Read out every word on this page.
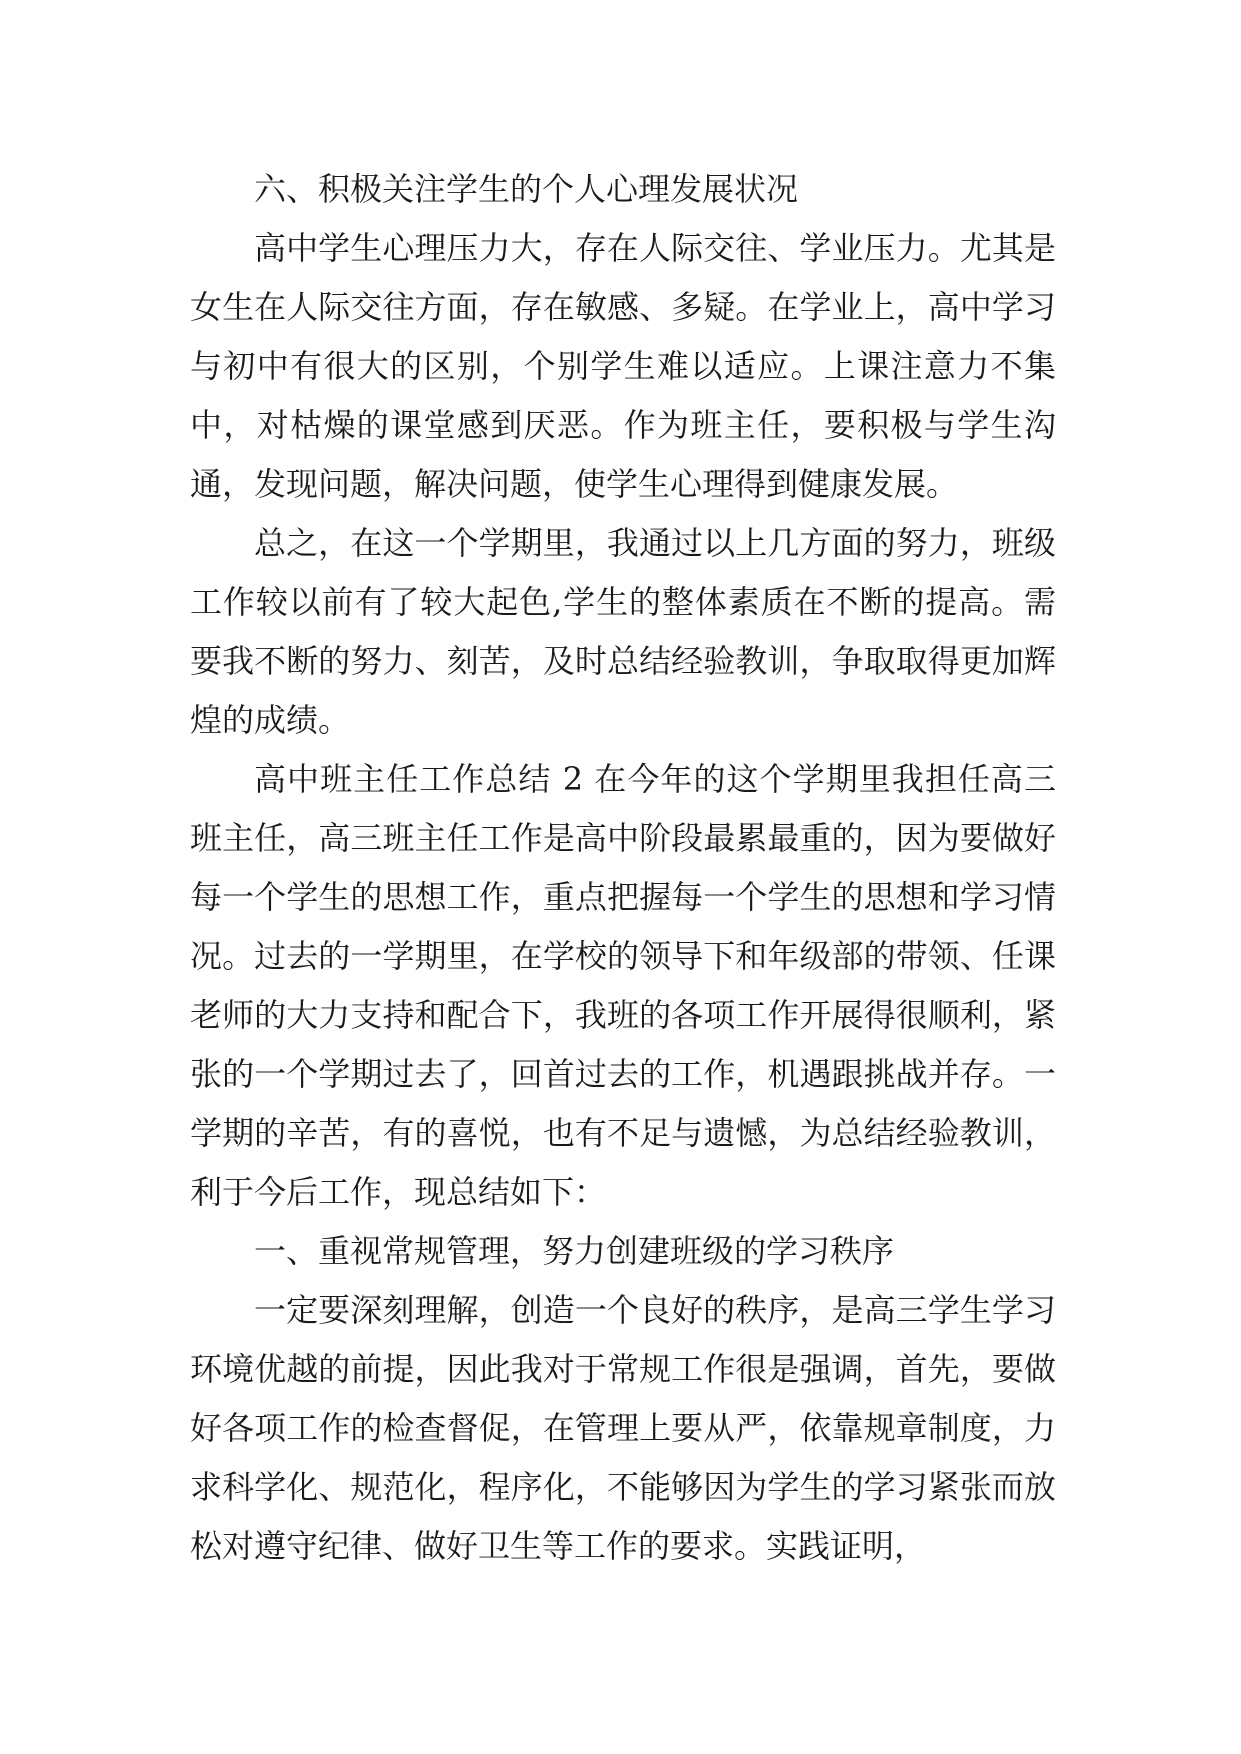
六、积极关注学生的个人心理发展状况

高中学生心理压力大，存在人际交往、学业压力。尤其是女生在人际交往方面，存在敏感、多疑。在学业上，高中学习与初中有很大的区别，个别学生难以适应。上课注意力不集中，对枯燥的课堂感到厌恶。作为班主任，要积极与学生沟通，发现问题，解决问题，使学生心理得到健康发展。

总之，在这一个学期里，我通过以上几方面的努力，班级工作较以前有了较大起色,学生的整体素质在不断的提高。需要我不断的努力、刻苦，及时总结经验教训，争取取得更加辉煌的成绩。

高中班主任工作总结 2 在今年的这个学期里我担任高三班主任，高三班主任工作是高中阶段最累最重的，因为要做好每一个学生的思想工作，重点把握每一个学生的思想和学习情况。过去的一学期里，在学校的领导下和年级部的带领、任课老师的大力支持和配合下，我班的各项工作开展得很顺利，紧张的一个学期过去了，回首过去的工作，机遇跟挑战并存。一学期的辛苦，有的喜悦，也有不足与遗憾，为总结经验教训，利于今后工作，现总结如下：

一、重视常规管理，努力创建班级的学习秩序

一定要深刻理解，创造一个良好的秩序，是高三学生学习环境优越的前提，因此我对于常规工作很是强调，首先，要做好各项工作的检查督促，在管理上要从严，依靠规章制度，力求科学化、规范化，程序化，不能够因为学生的学习紧张而放松对遵守纪律、做好卫生等工作的要求。实践证明，
